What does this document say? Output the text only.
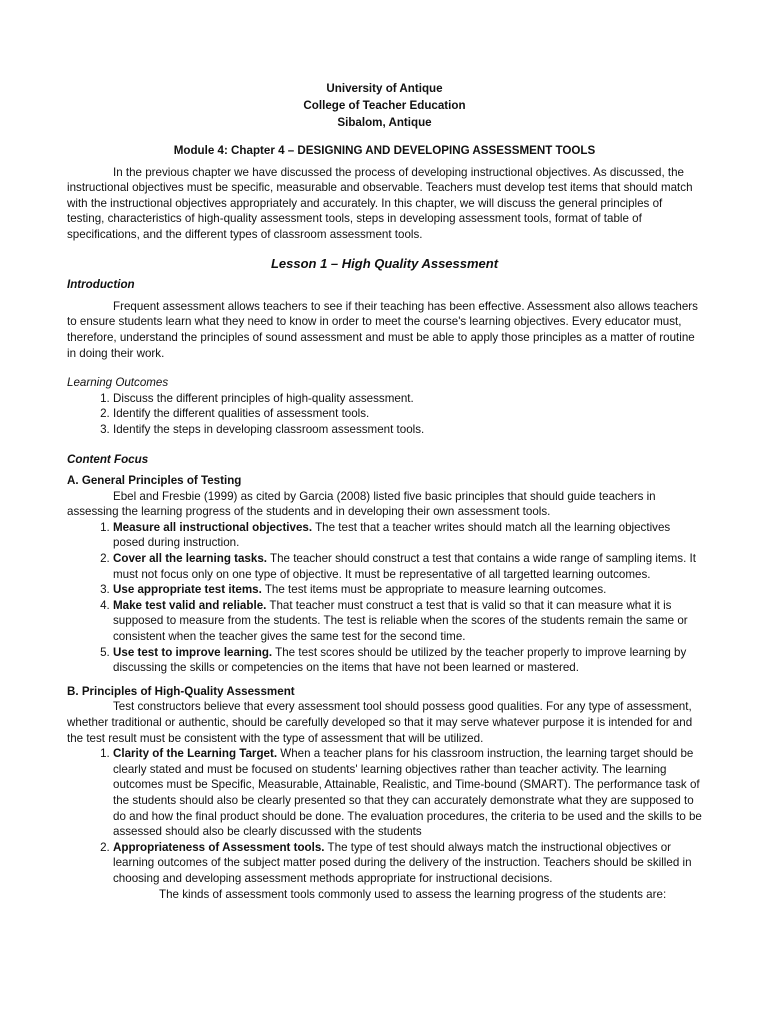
University of Antique
College of Teacher Education
Sibalom, Antique
Module 4: Chapter 4 – DESIGNING AND DEVELOPING ASSESSMENT TOOLS

In the previous chapter we have discussed the process of developing instructional objectives. As discussed, the instructional objectives must be specific, measurable and observable. Teachers must develop test items that should match with the instructional objectives appropriately and accurately. In this chapter, we will discuss the general principles of testing, characteristics of high-quality assessment tools, steps in developing assessment tools, format of table of specifications, and the different types of classroom assessment tools.

Lesson 1 – High Quality Assessment
Introduction

Frequent assessment allows teachers to see if their teaching has been effective. Assessment also allows teachers to ensure students learn what they need to know in order to meet the course's learning objectives. Every educator must, therefore, understand the principles of sound assessment and must be able to apply those principles as a matter of routine in doing their work.

Learning Outcomes
1. Discuss the different principles of high-quality assessment.
2. Identify the different qualities of assessment tools.
3. Identify the steps in developing classroom assessment tools.
Content Focus
A. General Principles of Testing

Ebel and Fresbie (1999) as cited by Garcia (2008) listed five basic principles that should guide teachers in assessing the learning progress of the students and in developing their own assessment tools.

1. Measure all instructional objectives. The test that a teacher writes should match all the learning objectives posed during instruction.
2. Cover all the learning tasks. The teacher should construct a test that contains a wide range of sampling items. It must not focus only on one type of objective. It must be representative of all targetted learning outcomes.
3. Use appropriate test items. The test items must be appropriate to measure learning outcomes.
4. Make test valid and reliable. That teacher must construct a test that is valid so that it can measure what it is supposed to measure from the students. The test is reliable when the scores of the students remain the same or consistent when the teacher gives the same test for the second time.
5. Use test to improve learning. The test scores should be utilized by the teacher properly to improve learning by discussing the skills or competencies on the items that have not been learned or mastered.
B. Principles of High-Quality Assessment

Test constructors believe that every assessment tool should possess good qualities. For any type of assessment, whether traditional or authentic, should be carefully developed so that it may serve whatever purpose it is intended for and the test result must be consistent with the type of assessment that will be utilized.

1. Clarity of the Learning Target. When a teacher plans for his classroom instruction, the learning target should be clearly stated and must be focused on students' learning objectives rather than teacher activity. The learning outcomes must be Specific, Measurable, Attainable, Realistic, and Time-bound (SMART). The performance task of the students should also be clearly presented so that they can accurately demonstrate what they are supposed to do and how the final product should be done. The evaluation procedures, the criteria to be used and the skills to be assessed should also be clearly discussed with the students
2. Appropriateness of Assessment tools. The type of test should always match the instructional objectives or learning outcomes of the subject matter posed during the delivery of the instruction. Teachers should be skilled in choosing and developing assessment methods appropriate for instructional decisions.

The kinds of assessment tools commonly used to assess the learning progress of the students are:
